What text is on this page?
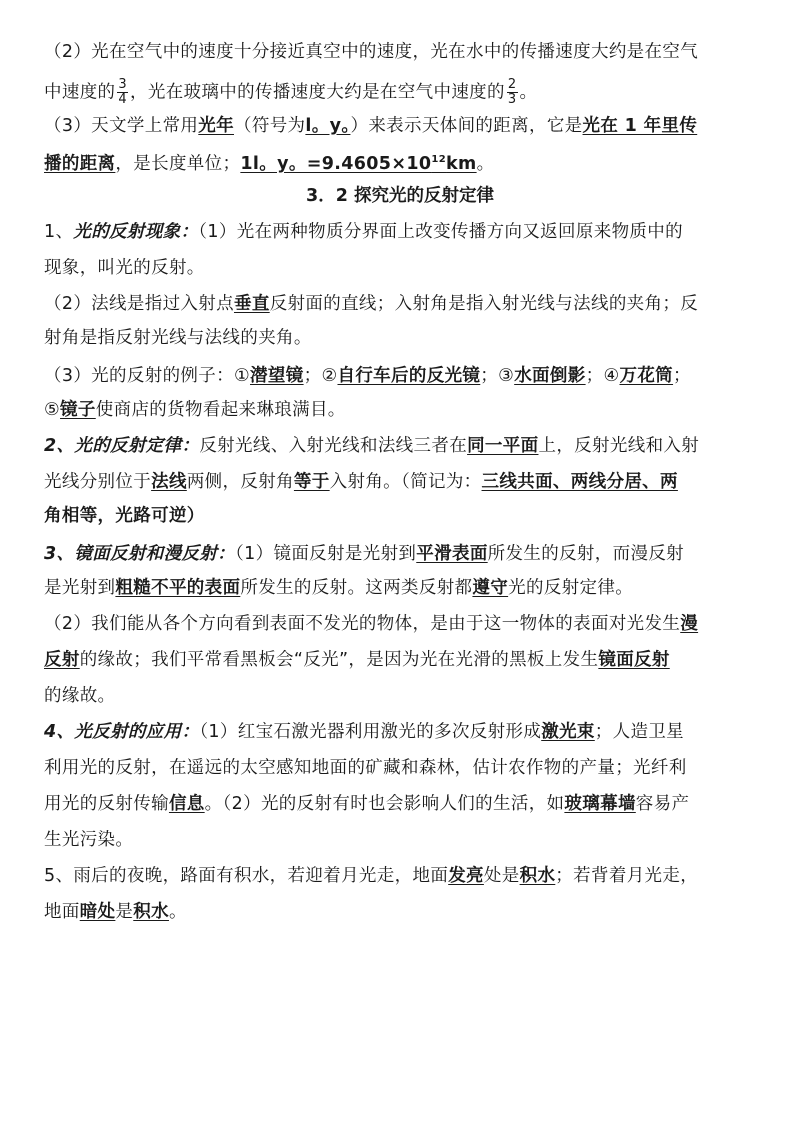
（2）光在空气中的速度十分接近真空中的速度，光在水中的传播速度大约是在空气
中速度的 $\frac{3}{4}$ ，光在玻璃中的传播速度大约是在空气中速度的 $\frac{2}{3}$ 。
（3）天文学上常用光年（符号为l。y。）来表示天体间的距离，它是光在 1 年里传
播的距离，是长度单位；1l。y。$=9.4605\times 10^{12}km$。
3．2 探究光的反射定律
1、光的反射现象：（1）光在两种物质分界面上改变传播方向又返回原来物质中的
现象，叫光的反射。
（2）法线是指过入射点垂直反射面的直线；入射角是指入射光线与法线的夹角；反
射角是指反射光线与法线的夹角。
（3）光的反射的例子：①潜望镜；②自行车后的反光镜；③水面倒影；④万花筒；
⑤镜子使商店的货物看起来琳琅满目。
2、光的反射定律：反射光线、入射光线和法线三者在同一平面上，反射光线和入射
光线分别位于法线两侧，反射角等于入射角。（简记为：三线共面、两线分居、两
角相等，光路可逆）
3、镜面反射和漫反射：（1）镜面反射是光射到平滑表面所发生的反射，而漫反射
是光射到粗糙不平的表面所发生的反射。这两类反射都遵守光的反射定律。
（2）我们能从各个方向看到表面不发光的物体，是由于这一物体的表面对光发生漫
反射的缘故；我们平常看黑板会“反光”，是因为光在光滑的黑板上发生镜面反射
的缘故。
4、光反射的应用：（1）红宝石激光器利用激光的多次反射形成激光束；人造卫星
利用光的反射，在遥远的太空感知地面的矿藏和森林，估计农作物的产量；光纤利
用光的反射传输信息。（2）光的反射有时也会影响人们的生活，如玻璃幕墙容易产
生光污染。
5、雨后的夜晚，路面有积水，若迎着月光走，地面发亮处是积水；若背着月光走，
地面暗处是积水。
